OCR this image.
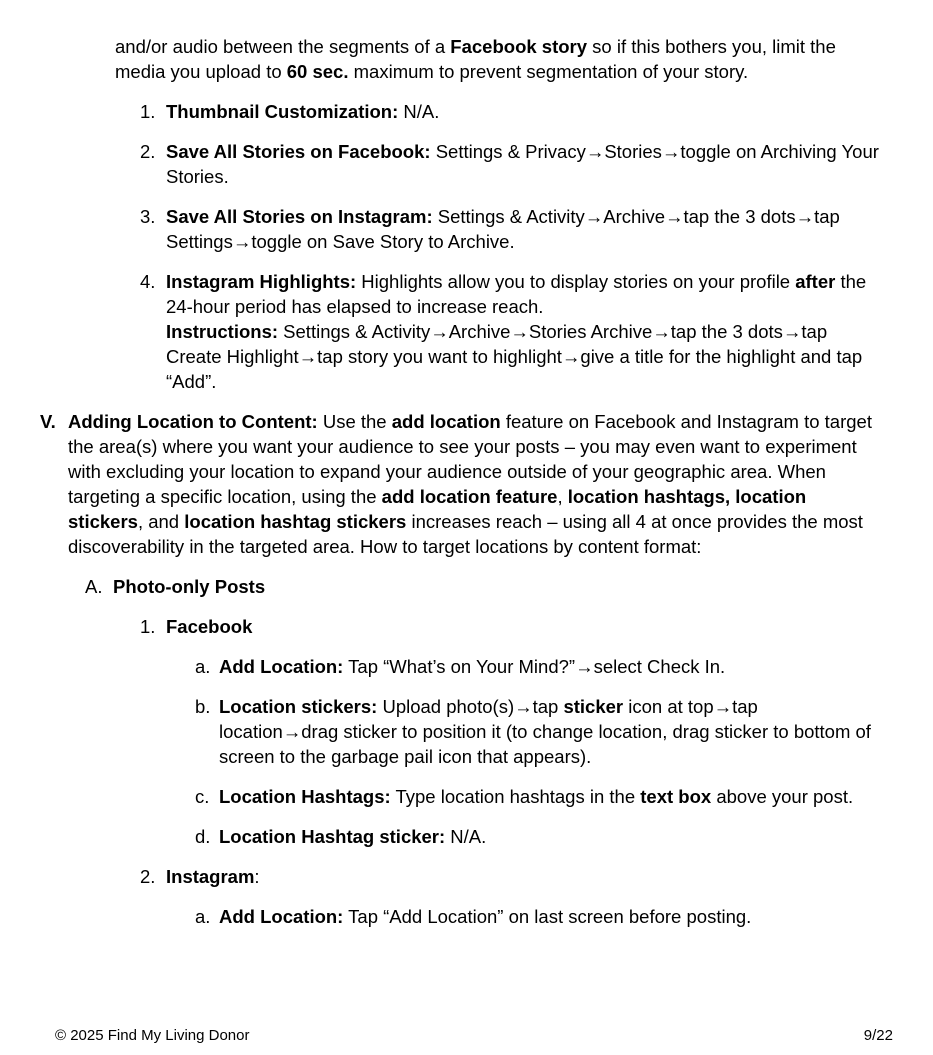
and/or audio between the segments of a Facebook story so if this bothers you, limit the media you upload to 60 sec. maximum to prevent segmentation of your story.
1. Thumbnail Customization: N/A.
2. Save All Stories on Facebook: Settings & Privacy→Stories→toggle on Archiving Your Stories.
3. Save All Stories on Instagram: Settings & Activity→Archive→tap the 3 dots→tap Settings→toggle on Save Story to Archive.
4. Instagram Highlights: Highlights allow you to display stories on your profile after the 24-hour period has elapsed to increase reach.
Instructions: Settings & Activity→Archive→Stories Archive→tap the 3 dots→tap Create Highlight→tap story you want to highlight→give a title for the highlight and tap “Add”.
V. Adding Location to Content: Use the add location feature on Facebook and Instagram to target the area(s) where you want your audience to see your posts – you may even want to experiment with excluding your location to expand your audience outside of your geographic area. When targeting a specific location, using the add location feature, location hashtags, location stickers, and location hashtag stickers increases reach – using all 4 at once provides the most discoverability in the targeted area. How to target locations by content format:
A. Photo-only Posts
1. Facebook
a. Add Location: Tap “What’s on Your Mind?”→select Check In.
b. Location stickers: Upload photo(s)→tap sticker icon at top→tap location→drag sticker to position it (to change location, drag sticker to bottom of screen to the garbage pail icon that appears).
c. Location Hashtags: Type location hashtags in the text box above your post.
d. Location Hashtag sticker: N/A.
2. Instagram:
a. Add Location: Tap “Add Location” on last screen before posting.
© 2025 Find My Living Donor	9/22
